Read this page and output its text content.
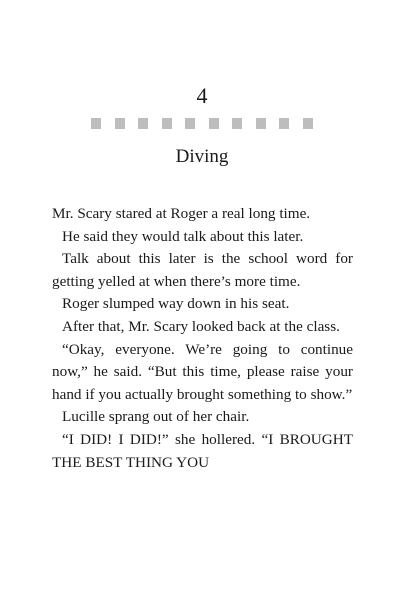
4
Diving

Mr. Scary stared at Roger a real long time.

He said they would talk about this later.

Talk about this later is the school word for getting yelled at when there’s more time.

Roger slumped way down in his seat.

After that, Mr. Scary looked back at the class.

“Okay, everyone. We’re going to continue now,” he said. “But this time, please raise your hand if you actually brought something to show.”

Lucille sprang out of her chair.

“I DID! I DID!” she hollered. “I BROUGHT THE BEST THING YOU
